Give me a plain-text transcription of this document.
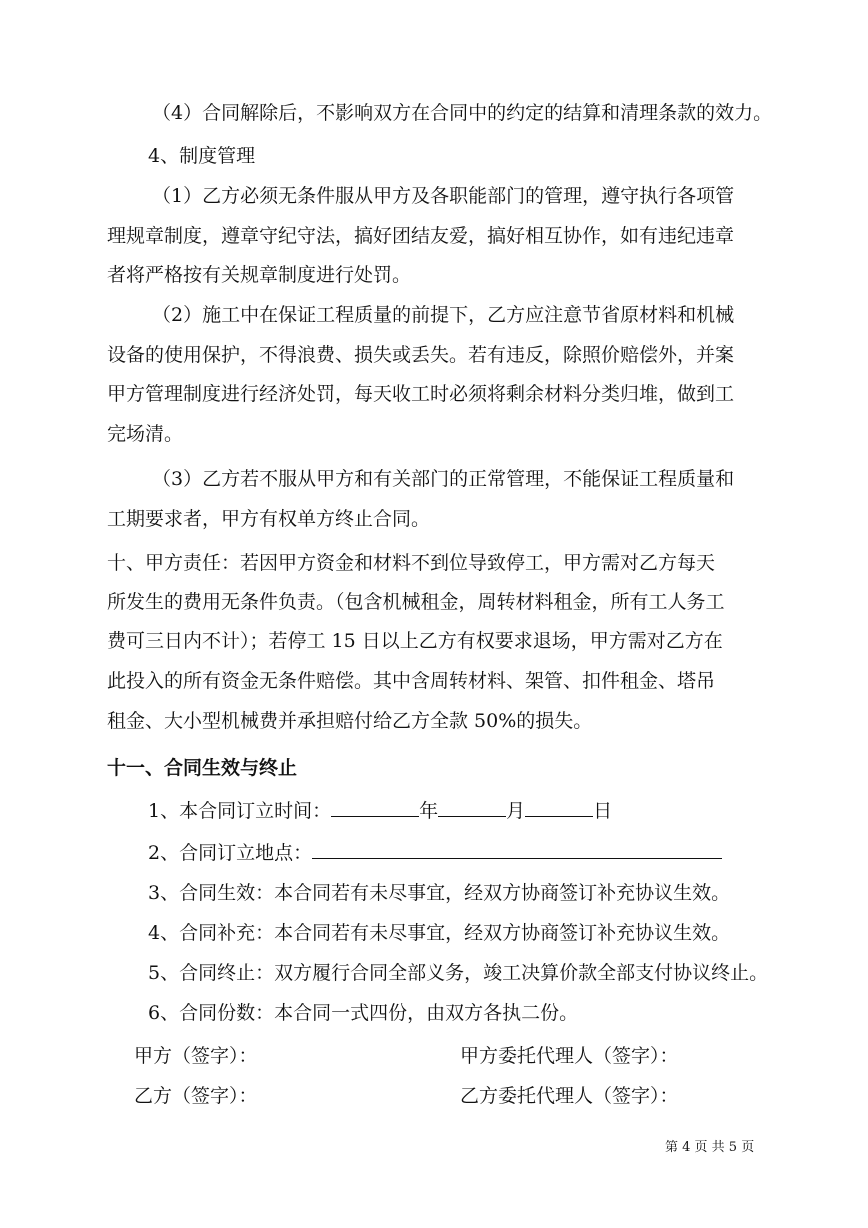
（4）合同解除后，不影响双方在合同中的约定的结算和清理条款的效力。

4、制度管理

（1）乙方必须无条件服从甲方及各职能部门的管理，遵守执行各项管

理规章制度，遵章守纪守法，搞好团结友爱，搞好相互协作，如有违纪违章

者将严格按有关规章制度进行处罚。

（2）施工中在保证工程质量的前提下，乙方应注意节省原材料和机械

设备的使用保护，不得浪费、损失或丢失。若有违反，除照价赔偿外，并案

甲方管理制度进行经济处罚，每天收工时必须将剩余材料分类归堆，做到工

完场清。

（3）乙方若不服从甲方和有关部门的正常管理，不能保证工程质量和

工期要求者，甲方有权单方终止合同。

十、甲方责任：若因甲方资金和材料不到位导致停工，甲方需对乙方每天

所发生的费用无条件负责。（包含机械租金，周转材料租金，所有工人务工

费可三日内不计）；若停工 15 日以上乙方有权要求退场，甲方需对乙方在

此投入的所有资金无条件赔偿。其中含周转材料、架管、扣件租金、塔吊

租金、大小型机械费并承担赔付给乙方全款 50%的损失。

十一、合同生效与终止

1、本合同订立时间：	年	月	日

2、合同订立地点：

3、合同生效：本合同若有未尽事宜，经双方协商签订补充协议生效。

4、合同补充：本合同若有未尽事宜，经双方协商签订补充协议生效。

5、合同终止：双方履行合同全部义务，竣工决算价款全部支付协议终止。

6、合同份数：本合同一式四份，由双方各执二份。

甲方（签字）：	甲方委托代理人（签字）：

乙方（签字）：	乙方委托代理人（签字）：

第 4 页 共 5 页
